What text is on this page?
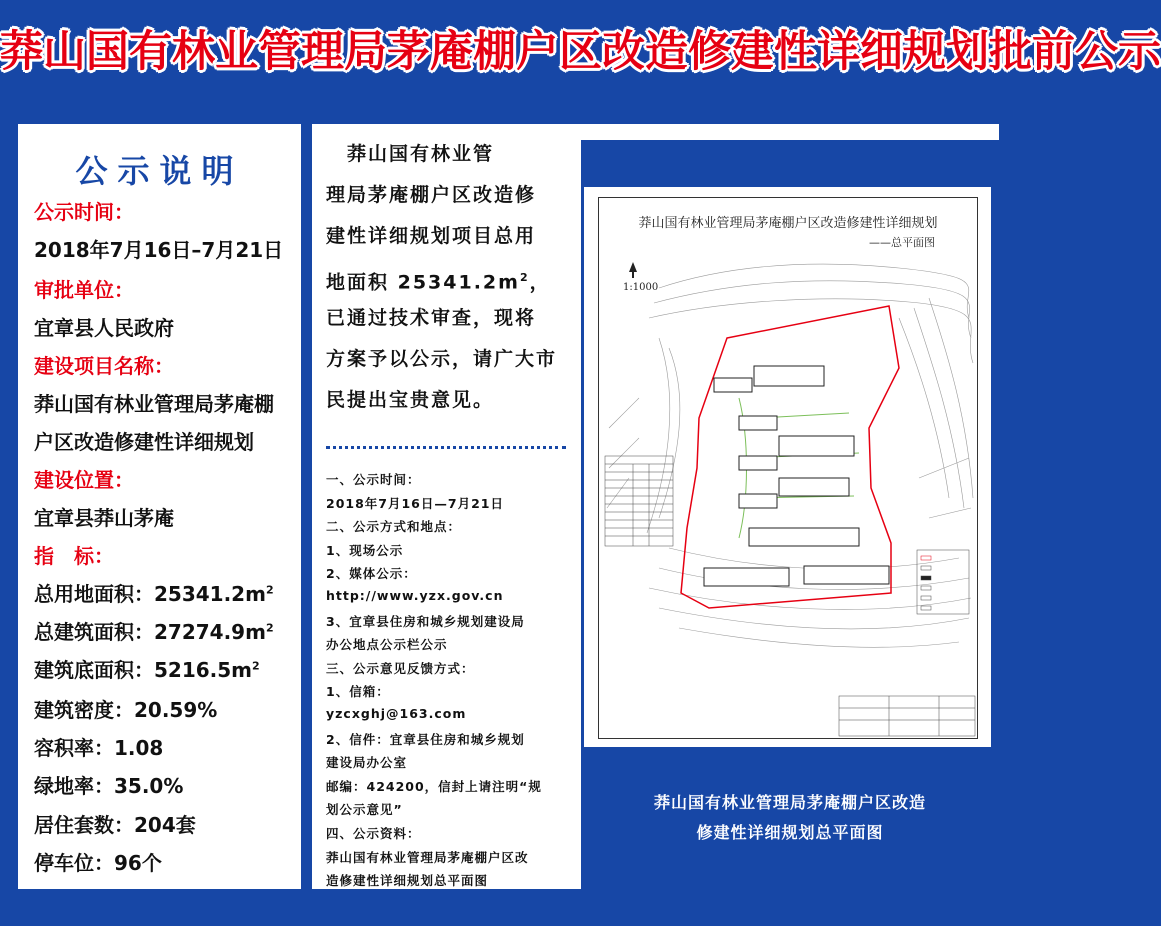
莽山国有林业管理局茅庵棚户区改造修建性详细规划批前公示
公示说明
公示时间：
2018年7月16日–7月21日
审批单位：
宜章县人民政府
建设项目名称：
莽山国有林业管理局茅庵棚
户区改造修建性详细规划
建设位置：
宜章县莽山茅庵
指　标：
总用地面积：$25341.2m^2$
总建筑面积：$27274.9m^2$
建筑底面积：$5216.5m^2$
建筑密度：20.59%
容积率：1.08
绿地率：35.0%
居住套数：204套
停车位：96个
　莽山国有林业管
理局茅庵棚户区改造修
建性详细规划项目总用
地面积 $25341.2m^2$，
已通过技术审查，现将
方案予以公示，请广大市
民提出宝贵意见。
一、公示时间：
2018年7月16日—7月21日
二、公示方式和地点：
1、现场公示
2、媒体公示：
http://www.yzx.gov.cn
3、宜章县住房和城乡规划建设局
办公地点公示栏公示
三、公示意见反馈方式：
1、信箱：
yzcxghj@163.com
2、信件：宜章县住房和城乡规划
建设局办公室
邮编：424200，信封上请注明“规
划公示意见”
四、公示资料：
莽山国有林业管理局茅庵棚户区改
造修建性详细规划总平面图
莽山国有林业管理局茅庵棚户区改造修建性详细规划
——总平面图
1:1000
莽山国有林业管理局茅庵棚户区改造
修建性详细规划总平面图
